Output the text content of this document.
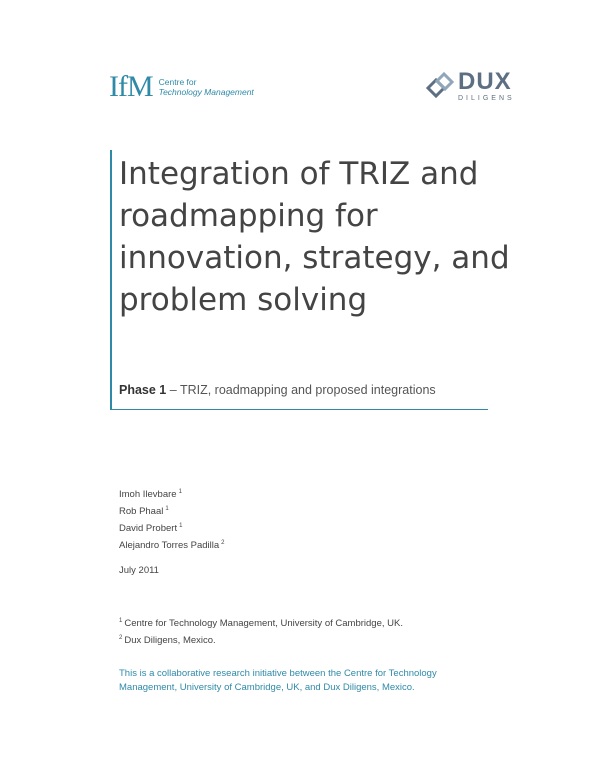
IfM Centre for
Technology Management	DUX
DILIGENS
Integration of TRIZ and
roadmapping for
innovation, strategy, and
problem solving
Phase 1 – TRIZ, roadmapping and proposed integrations
Imoh Ilevbare $^1$
Rob Phaal $^1$
David Probert $^1$
Alejandro Torres Padilla $^2$
July 2011
$^1$ Centre for Technology Management, University of Cambridge, UK.
$^2$ Dux Diligens, Mexico.
This is a collaborative research initiative between the Centre for Technology Management, University of Cambridge, UK, and Dux Diligens, Mexico.
